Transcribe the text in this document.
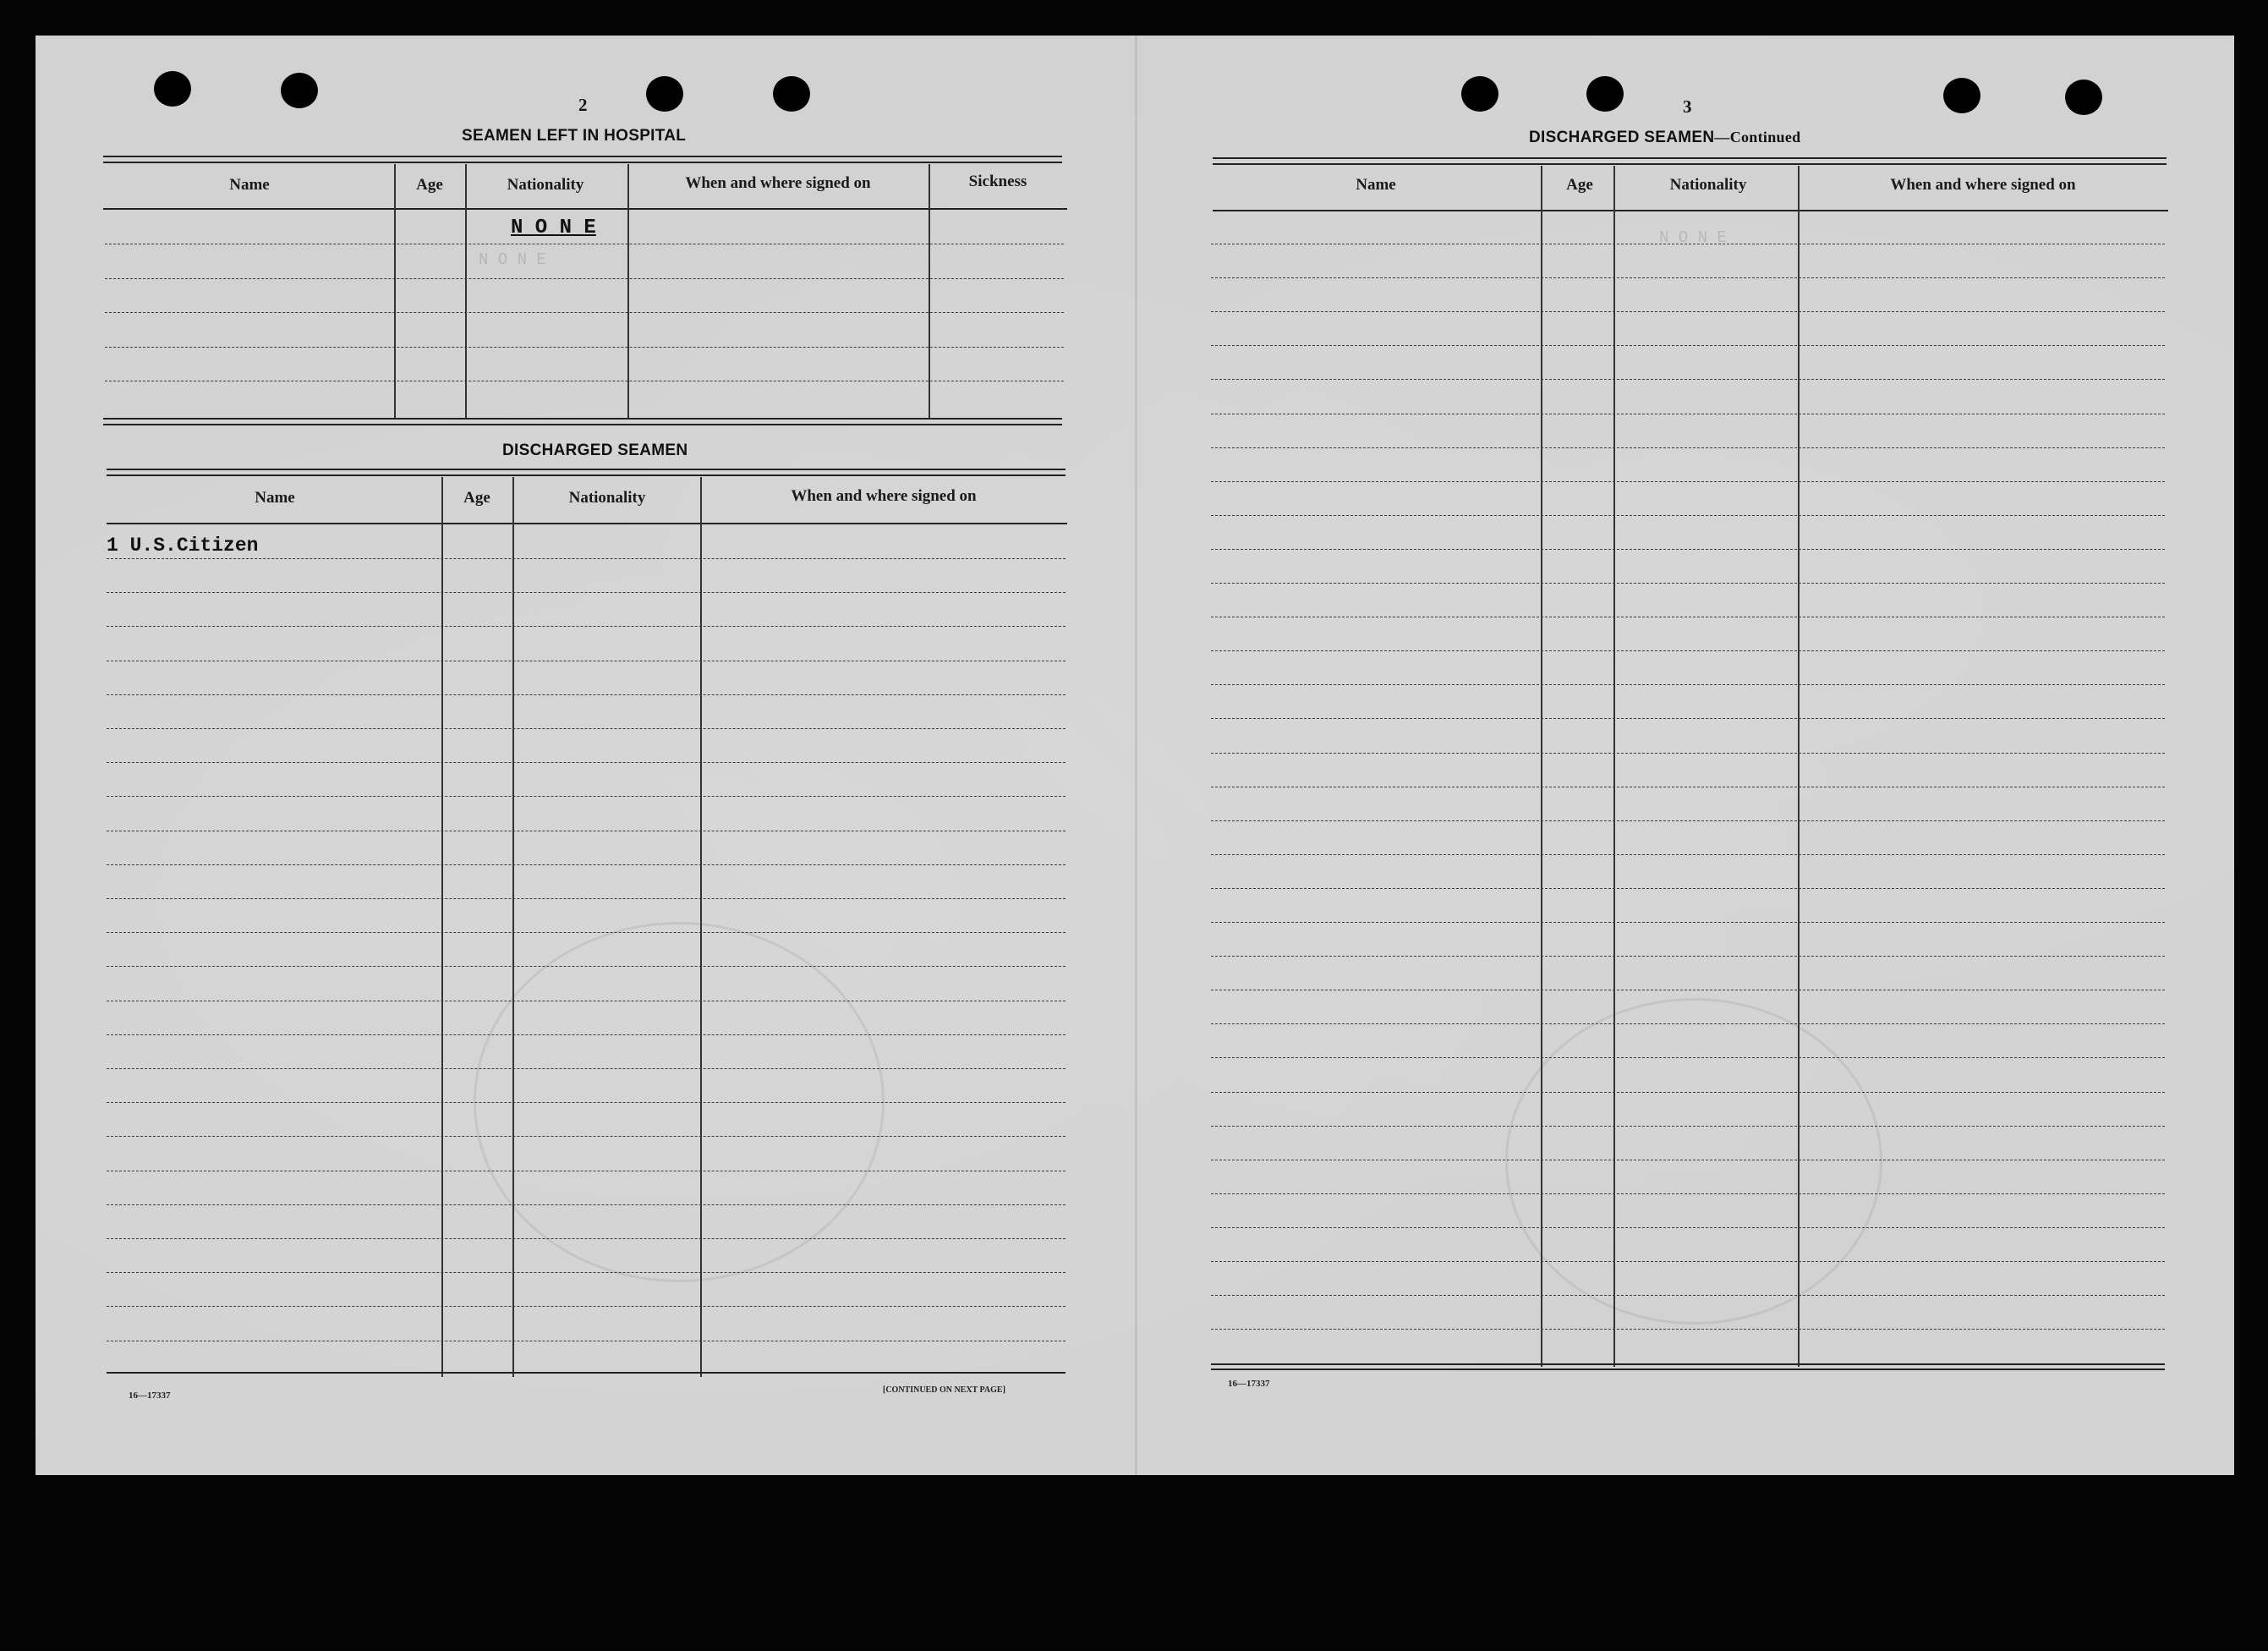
N O N E
N O N E
2
SEAMEN LEFT IN HOSPITAL
Name	Age	Nationality	When and where signed on	Sickness
N O N E
DISCHARGED SEAMEN
Name	Age	Nationality	When and where signed on
1 U.S.Citizen
16—17337
[CONTINUED ON NEXT PAGE]
3
DISCHARGED SEAMEN—Continued
Name	Age	Nationality	When and where signed on
16—17337
